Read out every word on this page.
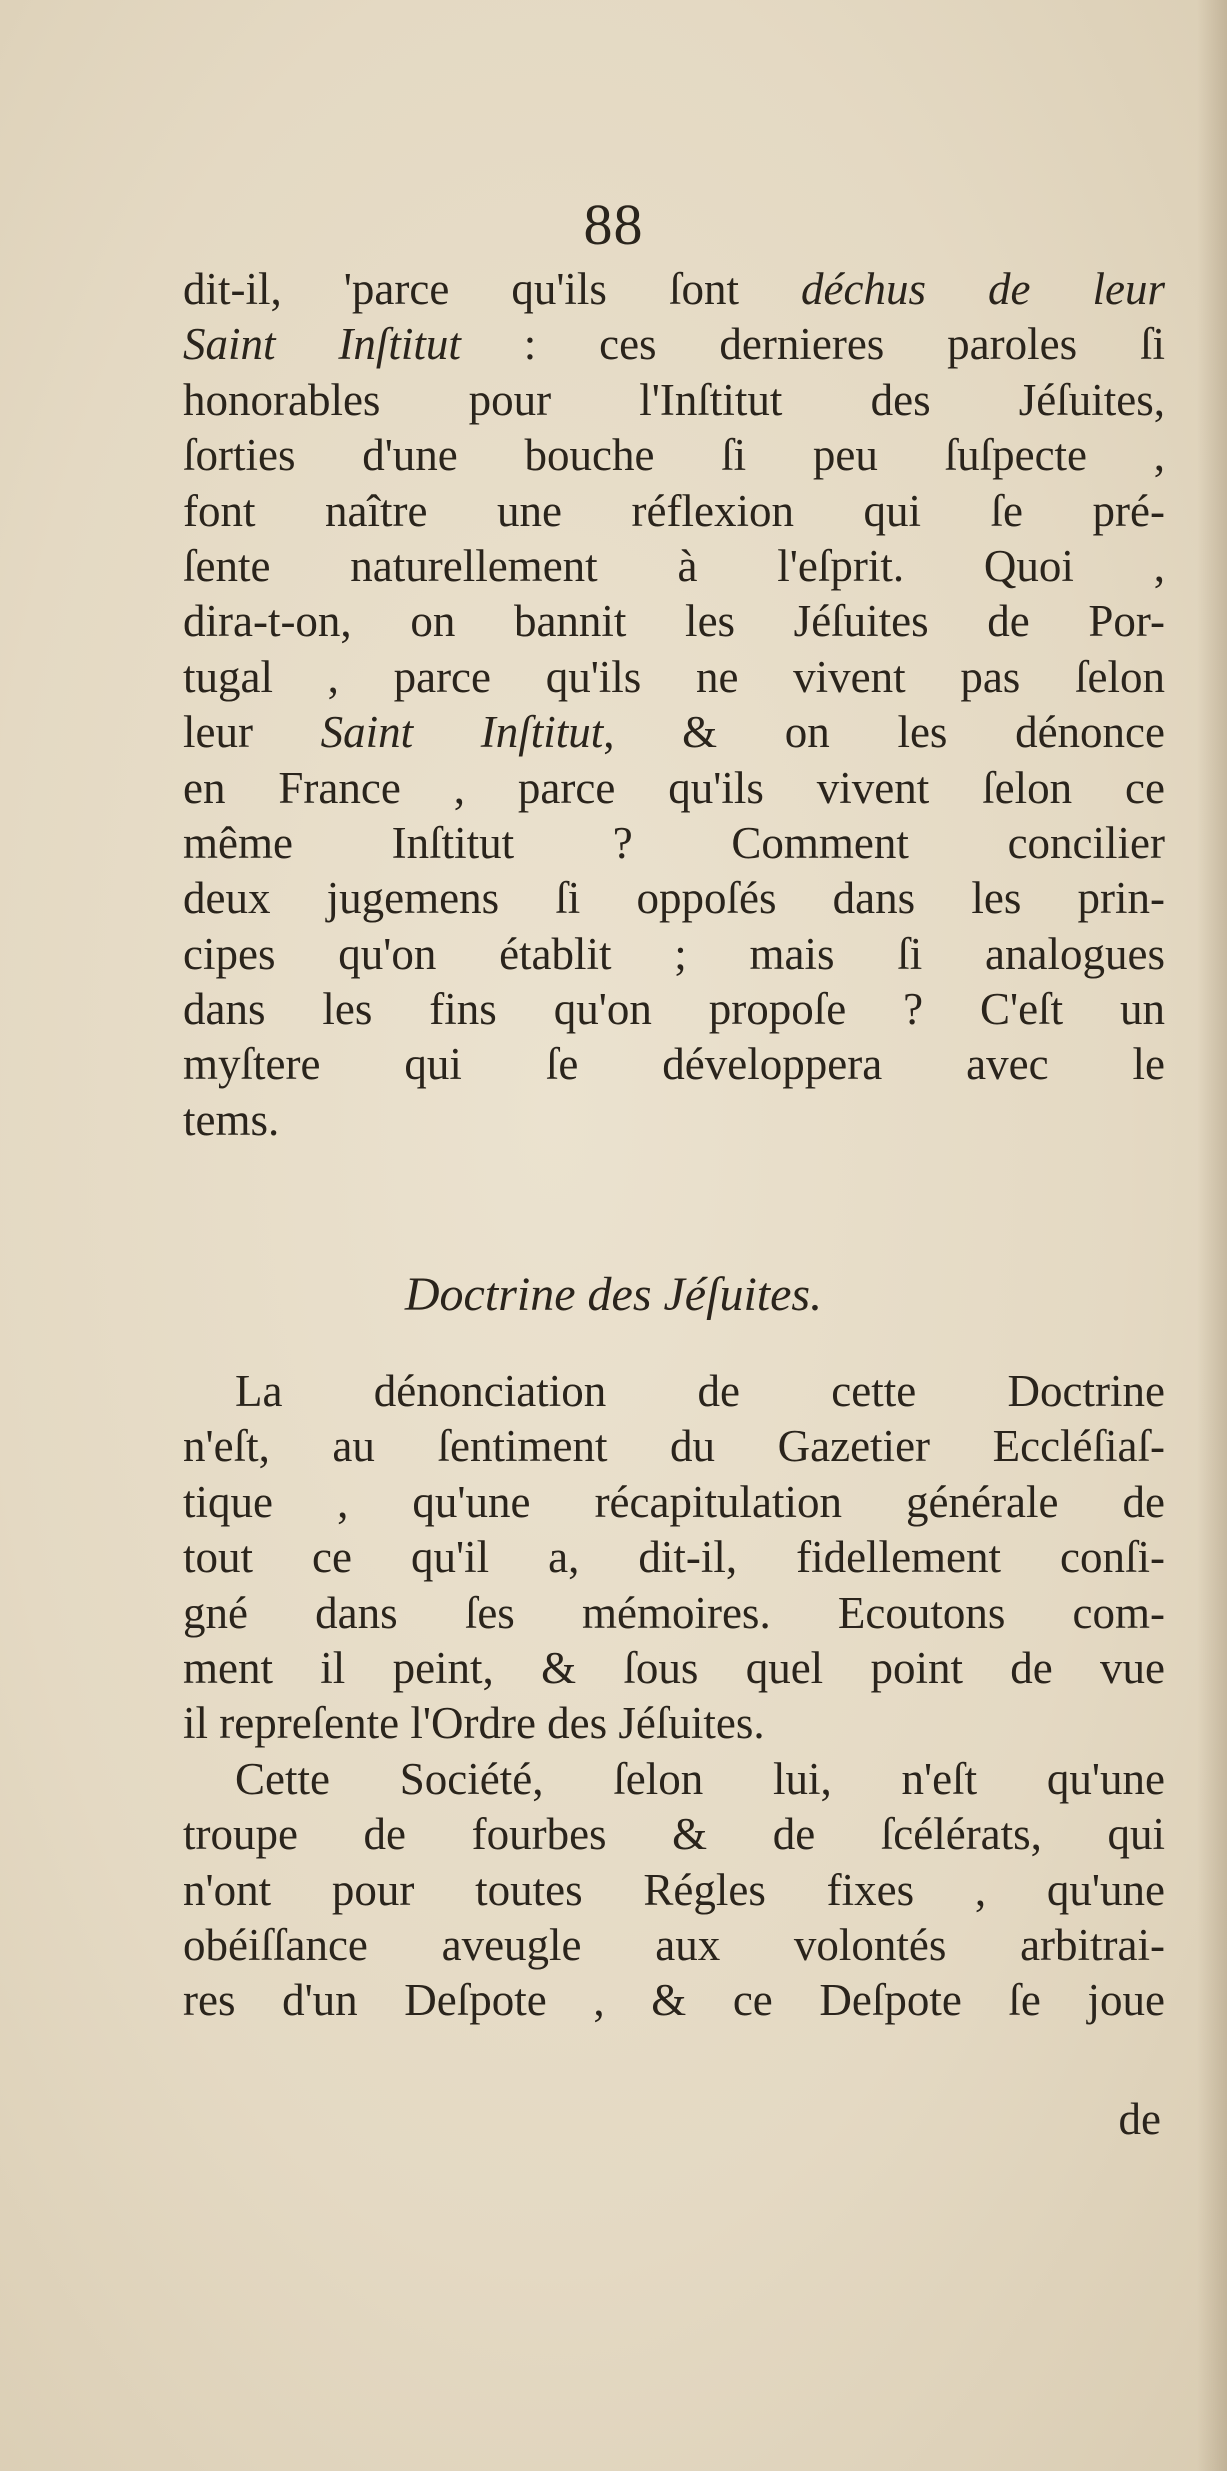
88
dit-il, 'parce qu'ils ſont déchus de leur
Saint Inſtitut : ces dernieres paroles ſi
honorables pour l'Inſtitut des Jéſuites,
ſorties d'une bouche ſi peu ſuſpecte ,
font naître une réflexion qui ſe pré-
ſente naturellement à l'eſprit. Quoi ,
dira-t-on, on bannit les Jéſuites de Por-
tugal , parce qu'ils ne vivent pas ſelon
leur Saint Inſtitut, & on les dénonce
en France , parce qu'ils vivent ſelon ce
même Inſtitut ? Comment concilier
deux jugemens ſi oppoſés dans les prin-
cipes qu'on établit ; mais ſi analogues
dans les fins qu'on propoſe ? C'eſt un
myſtere qui ſe développera avec le
tems.
Doctrine des Jéſuites.
La dénonciation de cette Doctrine
n'eſt, au ſentiment du Gazetier Eccléſiaſ-
tique , qu'une récapitulation générale de
tout ce qu'il a, dit-il, fidellement conſi-
gné dans ſes mémoires. Ecoutons com-
ment il peint, & ſous quel point de vue
il repreſente l'Ordre des Jéſuites.
Cette Société, ſelon lui, n'eſt qu'une
troupe de fourbes & de ſcélérats, qui
n'ont pour toutes Régles fixes , qu'une
obéiſſance aveugle aux volontés arbitrai-
res d'un Deſpote , & ce Deſpote ſe joue
de
